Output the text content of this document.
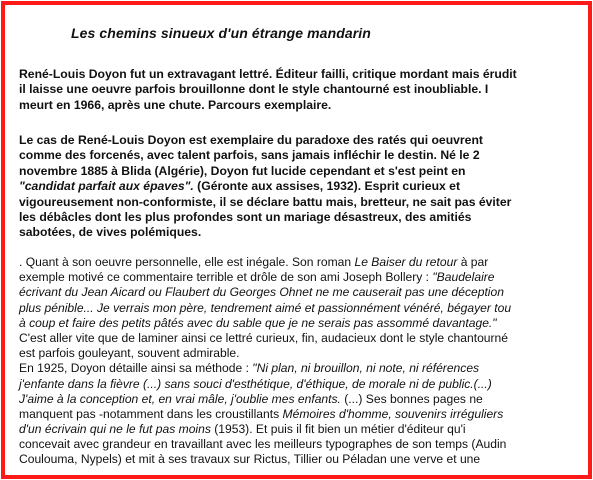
Les chemins sinueux d'un étrange mandarin
René-Louis Doyon fut un extravagant lettré. Éditeur failli, critique mordant mais érudit
il laisse une oeuvre parfois brouillonne dont le style chantourné est inoubliable. I
meurt en 1966, après une chute. Parcours exemplaire.
Le cas de René-Louis Doyon est exemplaire du paradoxe des ratés qui oeuvrent
comme des forcenés, avec talent parfois, sans jamais infléchir le destin. Né le 2
novembre 1885 à Blida (Algérie), Doyon fut lucide cependant et s'est peint en
"candidat parfait aux épaves". (Géronte aux assises, 1932). Esprit curieux et
vigoureusement non-conformiste, il se déclare battu mais, bretteur, ne sait pas éviter
les débâcles dont les plus profondes sont un mariage désastreux, des amitiés
sabotées, de vives polémiques.
. Quant à son oeuvre personnelle, elle est inégale. Son roman Le Baiser du retour à par
exemple motivé ce commentaire terrible et drôle de son ami Joseph Bollery : "Baudelaire
écrivant du Jean Aicard ou Flaubert du Georges Ohnet ne me causerait pas une déception
plus pénible... Je verrais mon père, tendrement aimé et passionnément vénéré, bégayer tou
à coup et faire des petits pâtés avec du sable que je ne serais pas assommé davantage."
C'est aller vite que de laminer ainsi ce lettré curieux, fin, audacieux dont le style chantourné
est parfois gouleyant, souvent admirable.
En 1925, Doyon détaille ainsi sa méthode : "Ni plan, ni brouillon, ni note, ni références
j'enfante dans la fièvre (...) sans souci d'esthétique, d'éthique, de morale ni de public.(...)
J'aime à la conception et, en vrai mâle, j'oublie mes enfants. (...) Ses bonnes pages ne
manquent pas -notamment dans les croustillants Mémoires d'homme, souvenirs irréguliers
d'un écrivain qui ne le fut pas moins (1953). Et puis il fit bien un métier d'éditeur qu'i
concevait avec grandeur en travaillant avec les meilleurs typographes de son temps (Audin
Coulouma, Nypels) et mit à ses travaux sur Rictus, Tillier ou Péladan une verve et une
